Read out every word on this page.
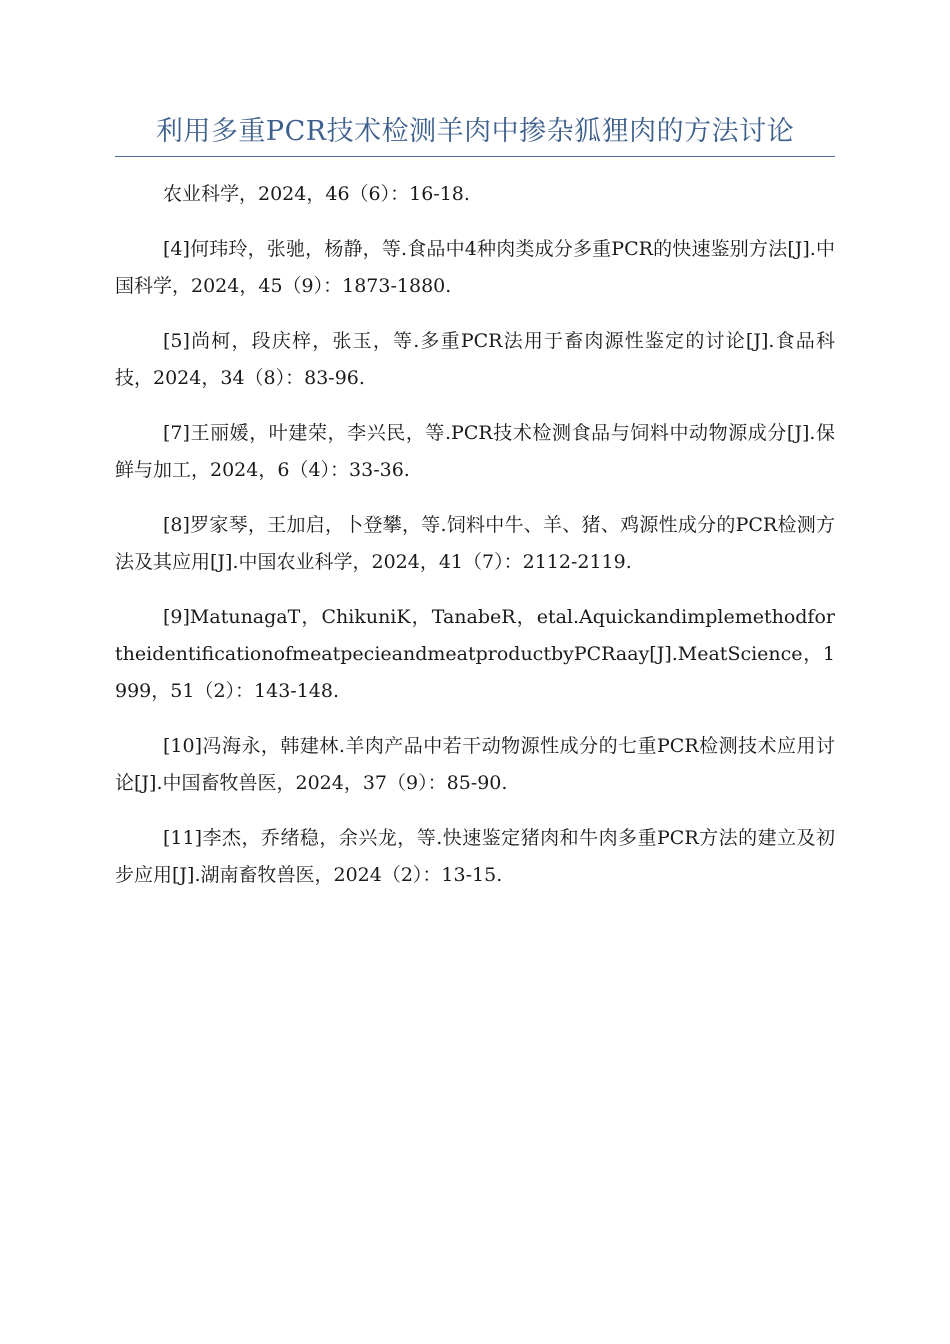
利用多重PCR技术检测羊肉中掺杂狐狸肉的方法讨论

农业科学，2024，46（6）：16-18.

[4]何玮玲，张驰，杨静，等.食品中4种肉类成分多重PCR的快速鉴别方法[J].中国科学，2024，45（9）：1873-1880.

[5]尚柯，段庆梓，张玉，等.多重PCR法用于畜肉源性鉴定的讨论[J].食品科技，2024，34（8）：83-96.

[7]王丽媛，叶建荣，李兴民，等.PCR技术检测食品与饲料中动物源成分[J].保鲜与加工，2024，6（4）：33-36.

[8]罗家琴，王加启，卜登攀，等.饲料中牛、羊、猪、鸡源性成分的PCR检测方法及其应用[J].中国农业科学，2024，41（7）：2112-2119.

[9]MatunagaT，ChikuniK，TanabeR，etal.AquickandimplemethodfortheidentificationofmeatpecieandmeatproductbyPCRaay[J].MeatScience，1999，51（2）：143-148.

[10]冯海永，韩建林.羊肉产品中若干动物源性成分的七重PCR检测技术应用讨论[J].中国畜牧兽医，2024，37（9）：85-90.

[11]李杰，乔绪稳，余兴龙，等.快速鉴定猪肉和牛肉多重PCR方法的建立及初步应用[J].湖南畜牧兽医，2024（2）：13-15.
